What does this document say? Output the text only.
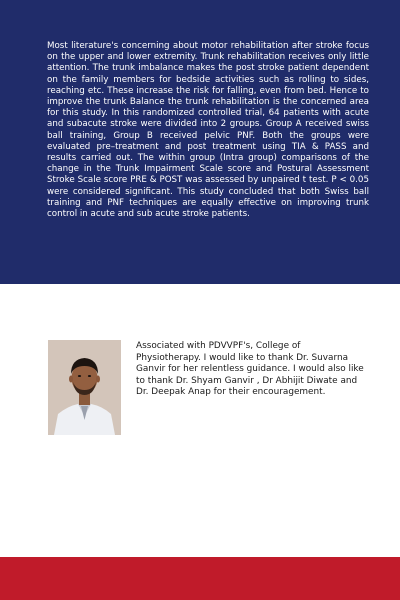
Most literature's concerning about motor rehabilitation after stroke focus on the upper and lower extremity. Trunk rehabilitation receives only little attention. The trunk imbalance makes the post stroke patient dependent on the family members for bedside activities such as rolling to sides, reaching etc. These increase the risk for falling, even from bed. Hence to improve the trunk Balance the trunk rehabilitation is the concerned area for this study. In this randomized controlled trial, 64 patients with acute and subacute stroke were divided into 2 groups. Group A received swiss ball training, Group B received pelvic PNF. Both the groups were evaluated pre–treatment and post treatment using TIA & PASS and results carried out. The within group (Intra group) comparisons of the change in the Trunk Impairment Scale score and Postural Assessment Stroke Scale score PRE & POST was assessed by unpaired t test. P < 0.05 were considered significant. This study concluded that both Swiss ball training and PNF techniques are equally effective on improving trunk control in acute and sub acute stroke patients.

Associated with PDVVPF's, College of Physiotherapy. I would like to thank Dr. Suvarna Ganvir for her relentless guidance. I would also like to thank Dr. Shyam Ganvir , Dr Abhijit Diwate and Dr. Deepak Anap for their encouragement.
